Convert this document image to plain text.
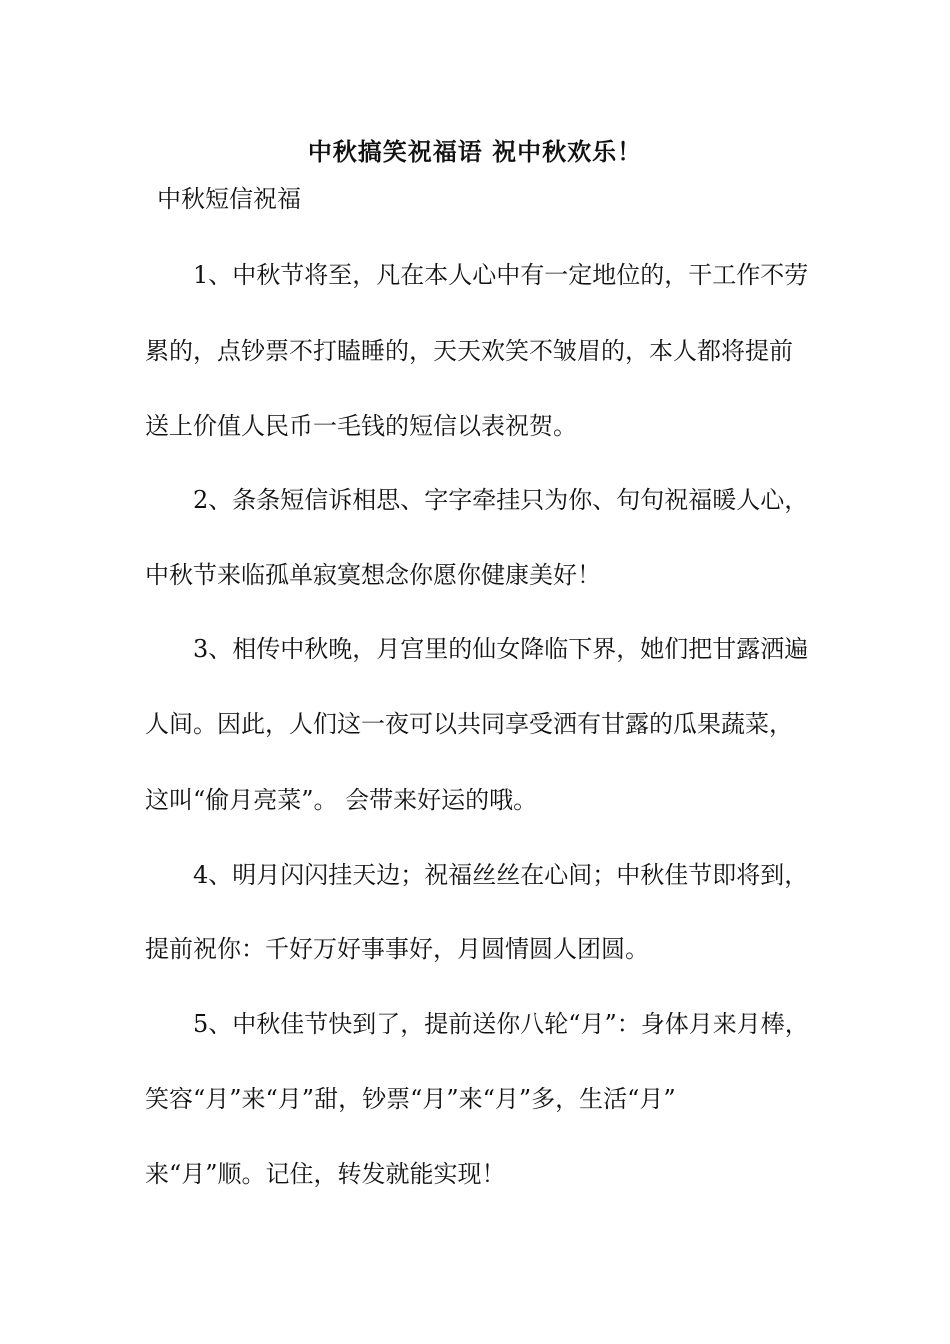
中秋搞笑祝福语 祝中秋欢乐！

中秋短信祝福

1、中秋节将至，凡在本人心中有一定地位的，干工作不劳

累的，点钞票不打瞌睡的，天天欢笑不皱眉的，本人都将提前

送上价值人民币一毛钱的短信以表祝贺。

2、条条短信诉相思、字字牵挂只为你、句句祝福暖人心，

中秋节来临孤单寂寞想念你愿你健康美好！

3、相传中秋晚，月宫里的仙女降临下界，她们把甘露洒遍

人间。因此，人们这一夜可以共同享受洒有甘露的瓜果蔬菜，

这叫“偷月亮菜”。 会带来好运的哦。

4、明月闪闪挂天边；祝福丝丝在心间；中秋佳节即将到，

提前祝你：千好万好事事好，月圆情圆人团圆。

5、中秋佳节快到了，提前送你八轮“月”：身体月来月棒，

笑容“月”来“月”甜，钞票“月”来“月”多，生活“月”

来“月”顺。记住，转发就能实现！
